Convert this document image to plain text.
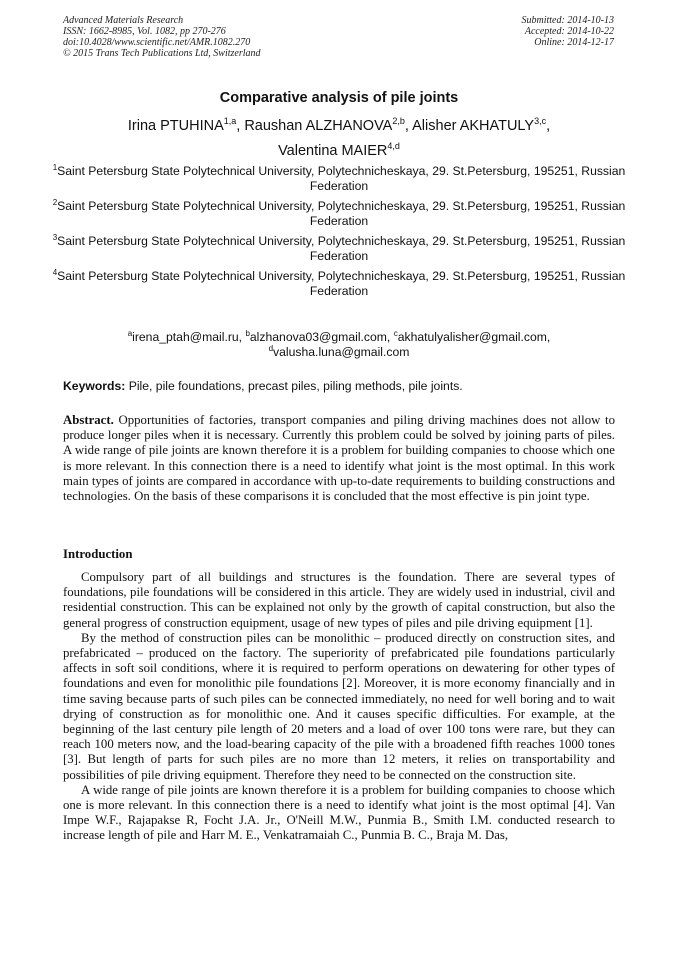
Advanced Materials Research
ISSN: 1662-8985, Vol. 1082, pp 270-276
doi:10.4028/www.scientific.net/AMR.1082.270
© 2015 Trans Tech Publications Ltd, Switzerland
Submitted: 2014-10-13
Accepted: 2014-10-22
Online: 2014-12-17
Comparative analysis of pile joints
Irina PTUHINA$^{1,a}$, Raushan ALZHANOVA$^{2,b}$, Alisher AKHATULY$^{3,c}$,
Valentina MAIER$^{4,d}$
$^1$Saint Petersburg State Polytechnical University, Polytechnicheskaya, 29. St.Petersburg, 195251, Russian Federation
$^2$Saint Petersburg State Polytechnical University, Polytechnicheskaya, 29. St.Petersburg, 195251, Russian Federation
$^3$Saint Petersburg State Polytechnical University, Polytechnicheskaya, 29. St.Petersburg, 195251, Russian Federation
$^4$Saint Petersburg State Polytechnical University, Polytechnicheskaya, 29. St.Petersburg, 195251, Russian Federation
$^a$irena_ptah@mail.ru, $^b$alzhanova03@gmail.com, $^c$akhatulyalisher@gmail.com,
$^d$valusha.luna@gmail.com
Keywords: Pile, pile foundations, precast piles, piling methods, pile joints.
Abstract. Opportunities of factories, transport companies and piling driving machines does not allow to produce longer piles when it is necessary. Currently this problem could be solved by joining parts of piles. A wide range of pile joints are known therefore it is a problem for building companies to choose which one is more relevant. In this connection there is a need to identify what joint is the most optimal. In this work main types of joints are compared in accordance with up-to-date requirements to building constructions and technologies. On the basis of these comparisons it is concluded that the most effective is pin joint type.
Introduction

Compulsory part of all buildings and structures is the foundation. There are several types of foundations, pile foundations will be considered in this article. They are widely used in industrial, civil and residential construction. This can be explained not only by the growth of capital construction, but also the general progress of construction equipment, usage of new types of piles and pile driving equipment [1].

By the method of construction piles can be monolithic – produced directly on construction sites, and prefabricated – produced on the factory. The superiority of prefabricated pile foundations particularly affects in soft soil conditions, where it is required to perform operations on dewatering for other types of foundations and even for monolithic pile foundations [2]. Moreover, it is more economy financially and in time saving because parts of such piles can be connected immediately, no need for well boring and to wait drying of construction as for monolithic one. And it causes specific difficulties. For example, at the beginning of the last century pile length of 20 meters and a load of over 100 tons were rare, but they can reach 100 meters now, and the load-bearing capacity of the pile with a broadened fifth reaches 1000 tones [3]. But length of parts for such piles are no more than 12 meters, it relies on transportability and possibilities of pile driving equipment. Therefore they need to be connected on the construction site.

A wide range of pile joints are known therefore it is a problem for building companies to choose which one is more relevant. In this connection there is a need to identify what joint is the most optimal [4]. Van Impe W.F., Rajapakse R, Focht J.A. Jr., O'Neill M.W., Punmia B., Smith I.M. conducted research to increase length of pile and Harr M. E., Venkatramaiah C., Punmia B. C., Braja M. Das,
